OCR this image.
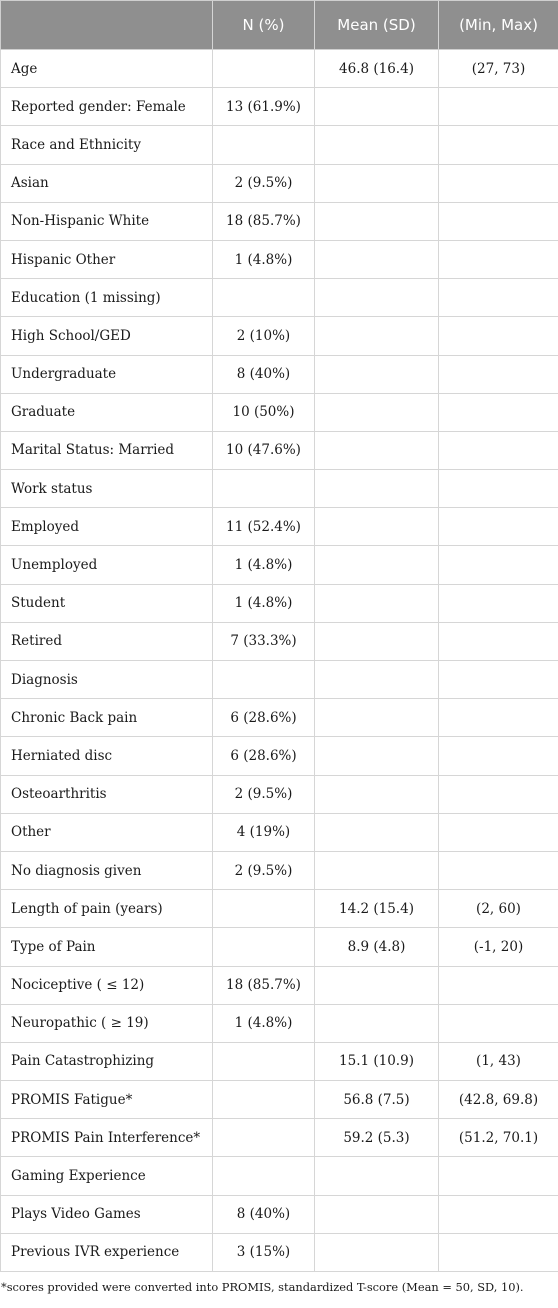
	N (%)	Mean (SD)	(Min, Max)
Age		46.8 (16.4)	(27, 73)
Reported gender: Female	13 (61.9%)		
Race and Ethnicity			
Asian	2 (9.5%)		
Non-Hispanic White	18 (85.7%)		
Hispanic Other	1 (4.8%)		
Education (1 missing)			
High School/GED	2 (10%)		
Undergraduate	8 (40%)		
Graduate	10 (50%)		
Marital Status: Married	10 (47.6%)		
Work status			
Employed	11 (52.4%)		
Unemployed	1 (4.8%)		
Student	1 (4.8%)		
Retired	7 (33.3%)		
Diagnosis			
Chronic Back pain	6 (28.6%)		
Herniated disc	6 (28.6%)		
Osteoarthritis	2 (9.5%)		
Other	4 (19%)		
No diagnosis given	2 (9.5%)		
Length of pain (years)		14.2 (15.4)	(2, 60)
Type of Pain		8.9 (4.8)	(-1, 20)
Nociceptive ( ≤ 12)	18 (85.7%)		
Neuropathic ( ≥ 19)	1 (4.8%)		
Pain Catastrophizing		15.1 (10.9)	(1, 43)
PROMIS Fatigue*		56.8 (7.5)	(42.8, 69.8)
PROMIS Pain Interference*		59.2 (5.3)	(51.2, 70.1)
Gaming Experience			
Plays Video Games	8 (40%)		
Previous IVR experience	3 (15%)		
*scores provided were converted into PROMIS, standardized T-score (Mean = 50, SD, 10).
